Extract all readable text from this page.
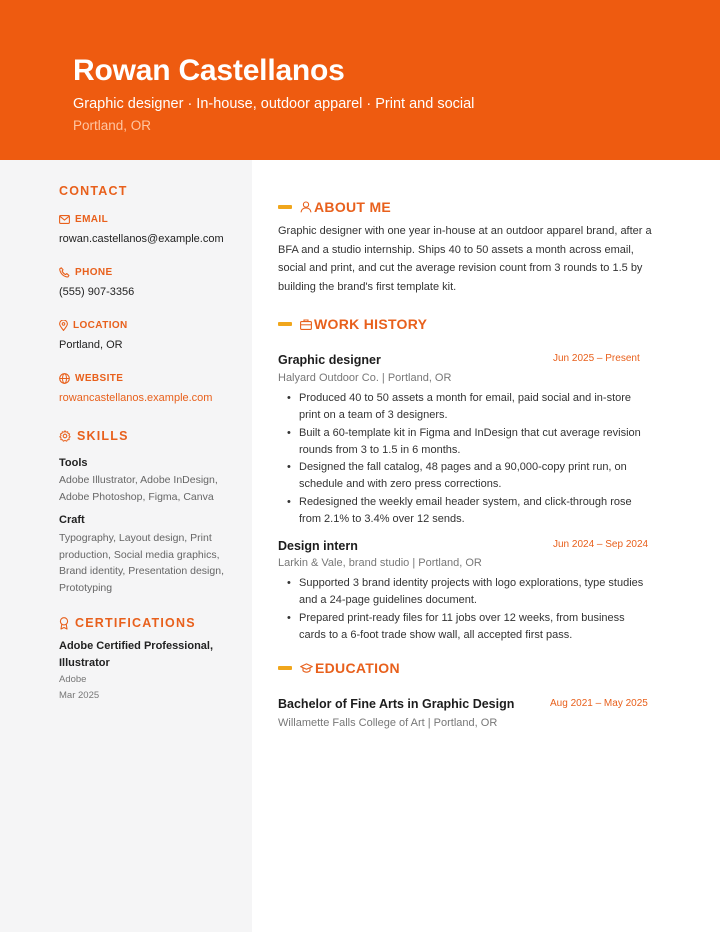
Rowan Castellanos
Graphic designer · In-house, outdoor apparel · Print and social
Portland, OR
CONTACT
EMAIL
rowan.castellanos@example.com
PHONE
(555) 907-3356
LOCATION
Portland, OR
WEBSITE
rowancastellanos.example.com
SKILLS
Tools
Adobe Illustrator, Adobe InDesign, Adobe Photoshop, Figma, Canva
Craft
Typography, Layout design, Print production, Social media graphics, Brand identity, Presentation design, Prototyping
CERTIFICATIONS
Adobe Certified Professional, Illustrator
Adobe
Mar 2025
ABOUT ME
Graphic designer with one year in-house at an outdoor apparel brand, after a BFA and a studio internship. Ships 40 to 50 assets a month across email, social and print, and cut the average revision count from 3 rounds to 1.5 by building the brand's first template kit.
WORK HISTORY
Graphic designer	Jun 2025 – Present
Halyard Outdoor Co. | Portland, OR
• Produced 40 to 50 assets a month for email, paid social and in-store print on a team of 3 designers.
• Built a 60-template kit in Figma and InDesign that cut average revision rounds from 3 to 1.5 in 6 months.
• Designed the fall catalog, 48 pages and a 90,000-copy print run, on schedule and with zero press corrections.
• Redesigned the weekly email header system, and click-through rose from 2.1% to 3.4% over 12 sends.
Design intern	Jun 2024 – Sep 2024
Larkin & Vale, brand studio | Portland, OR
• Supported 3 brand identity projects with logo explorations, type studies and a 24-page guidelines document.
• Prepared print-ready files for 11 jobs over 12 weeks, from business cards to a 6-foot trade show wall, all accepted first pass.
EDUCATION
Bachelor of Fine Arts in Graphic Design	Aug 2021 – May 2025
Willamette Falls College of Art | Portland, OR
